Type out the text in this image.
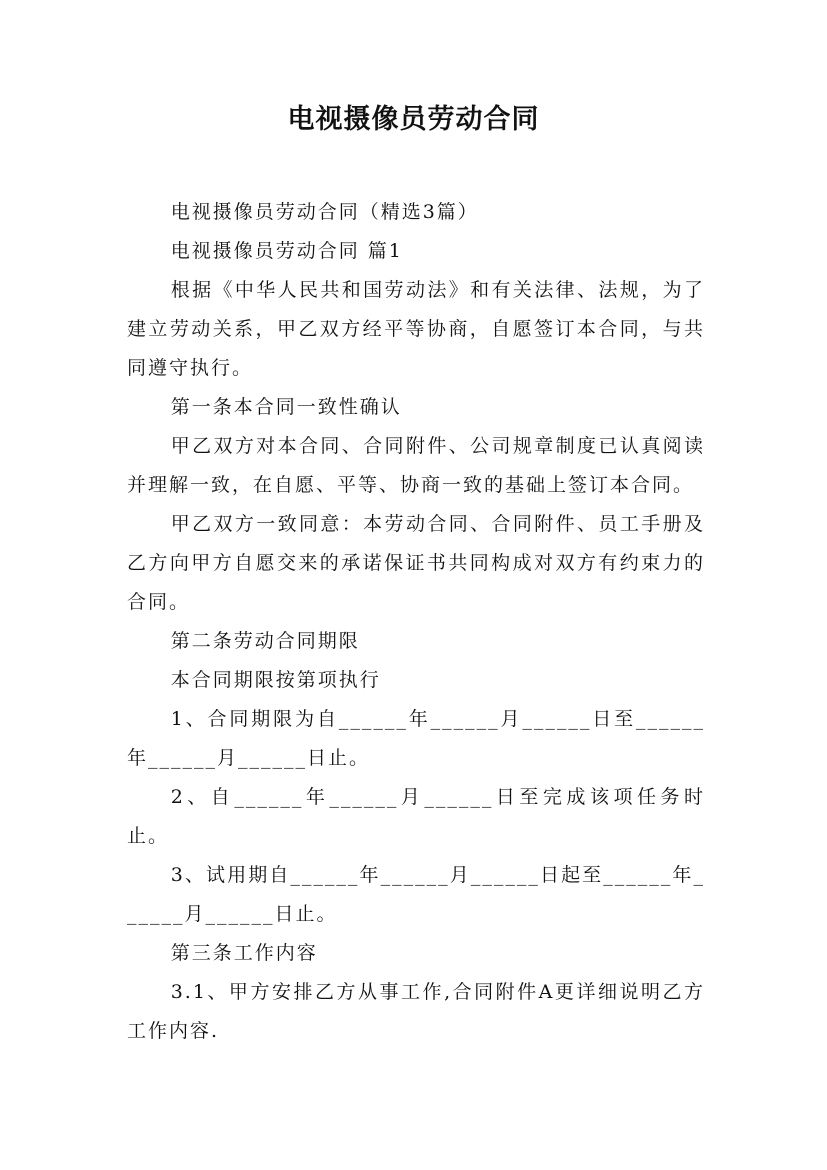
电视摄像员劳动合同

电视摄像员劳动合同（精选3篇）

电视摄像员劳动合同 篇1

根据《中华人民共和国劳动法》和有关法律、法规，为了建立劳动关系，甲乙双方经平等协商，自愿签订本合同，与共同遵守执行。

第一条本合同一致性确认

甲乙双方对本合同、合同附件、公司规章制度已认真阅读并理解一致，在自愿、平等、协商一致的基础上签订本合同。

甲乙双方一致同意：本劳动合同、合同附件、员工手册及乙方向甲方自愿交来的承诺保证书共同构成对双方有约束力的合同。

第二条劳动合同期限

本合同期限按第项执行

1、合同期限为自______年______月______日至______年______月______日止。

2、自______年______月______日至完成该项任务时止。

3、试用期自______年______月______日起至______年______月______日止。

第三条工作内容

3.1、甲方安排乙方从事工作,合同附件A更详细说明乙方工作内容.
